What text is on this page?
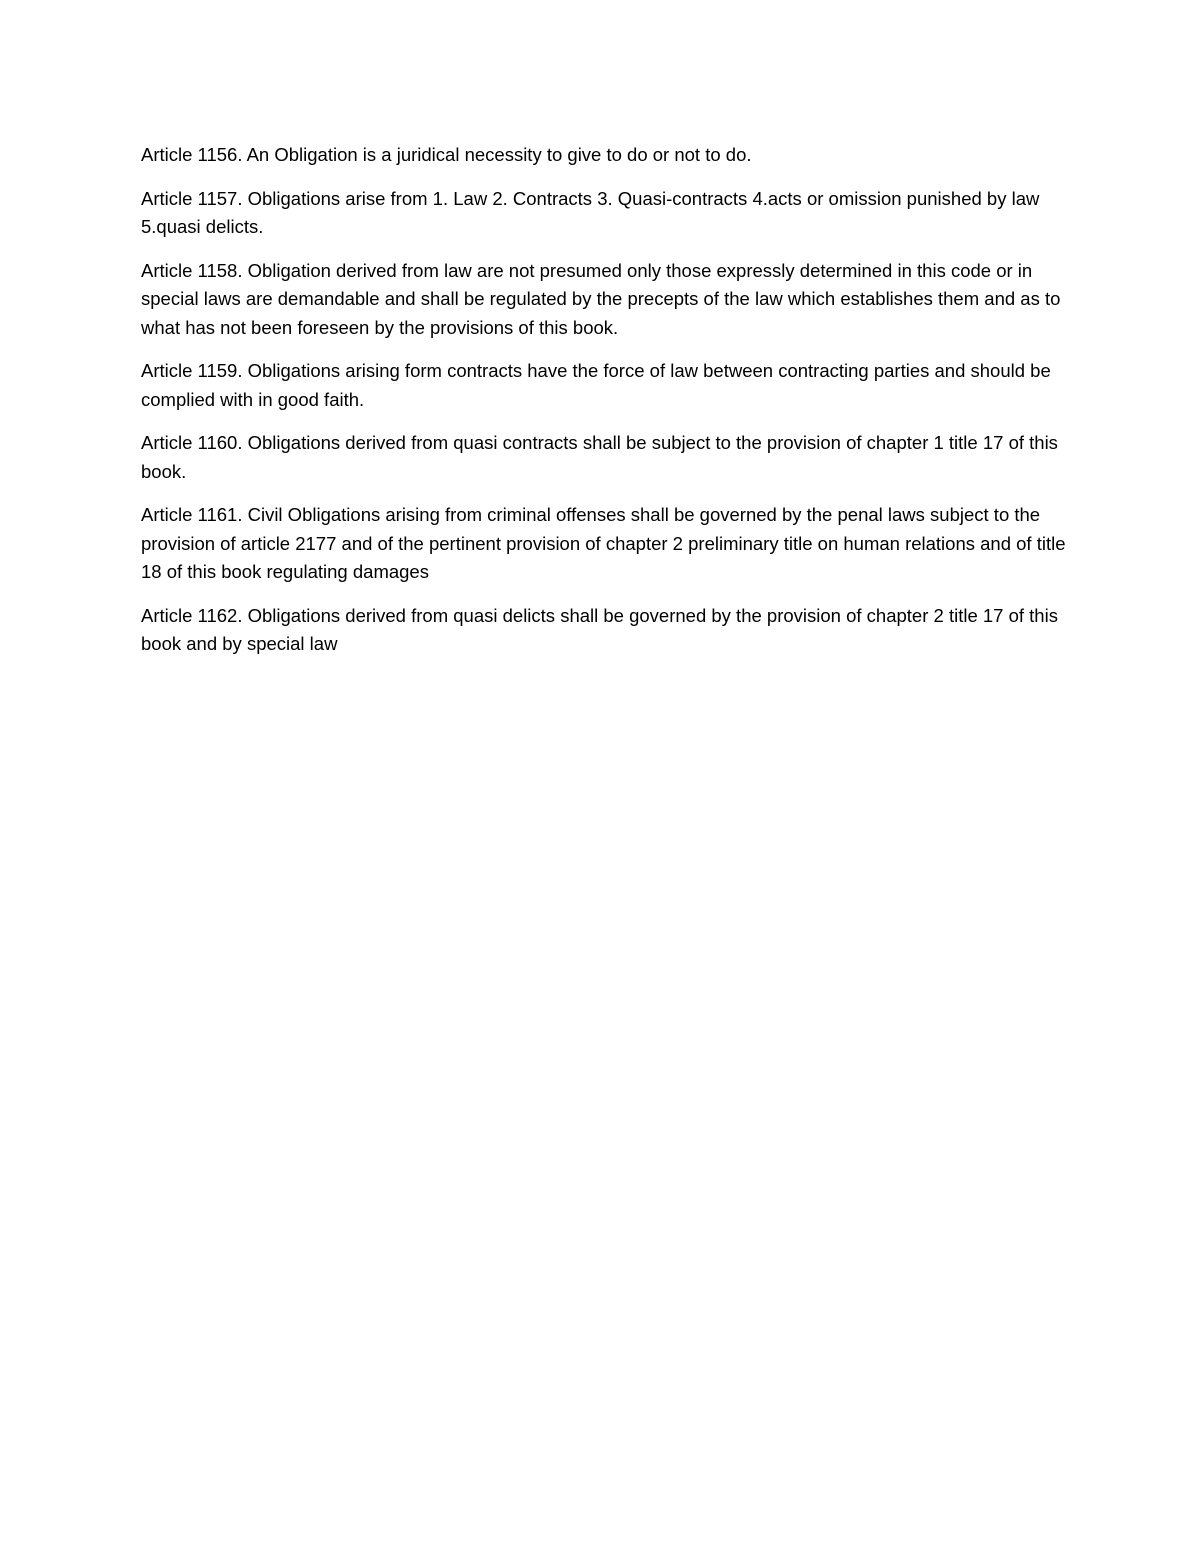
Article 1156. An Obligation is a juridical necessity to give to do or not to do.

Article 1157. Obligations arise from 1. Law 2. Contracts 3. Quasi-contracts 4.acts or omission punished by law 5.quasi delicts.

Article 1158. Obligation derived from law are not presumed only those expressly determined in this code or in special laws are demandable and shall be regulated by the precepts of the law which establishes them and as to what has not been foreseen by the provisions of this book.

Article 1159. Obligations arising form contracts have the force of law between contracting parties and should be complied with in good faith.

Article 1160. Obligations derived from quasi contracts shall be subject to the provision of chapter 1 title 17 of this book.

Article 1161. Civil Obligations arising from criminal offenses shall be governed by the penal laws subject to the provision of article 2177 and of the pertinent provision of chapter 2 preliminary title on human relations and of title 18 of this book regulating damages

Article 1162. Obligations derived from quasi delicts shall be governed by the provision of chapter 2 title 17 of this book and by special law
